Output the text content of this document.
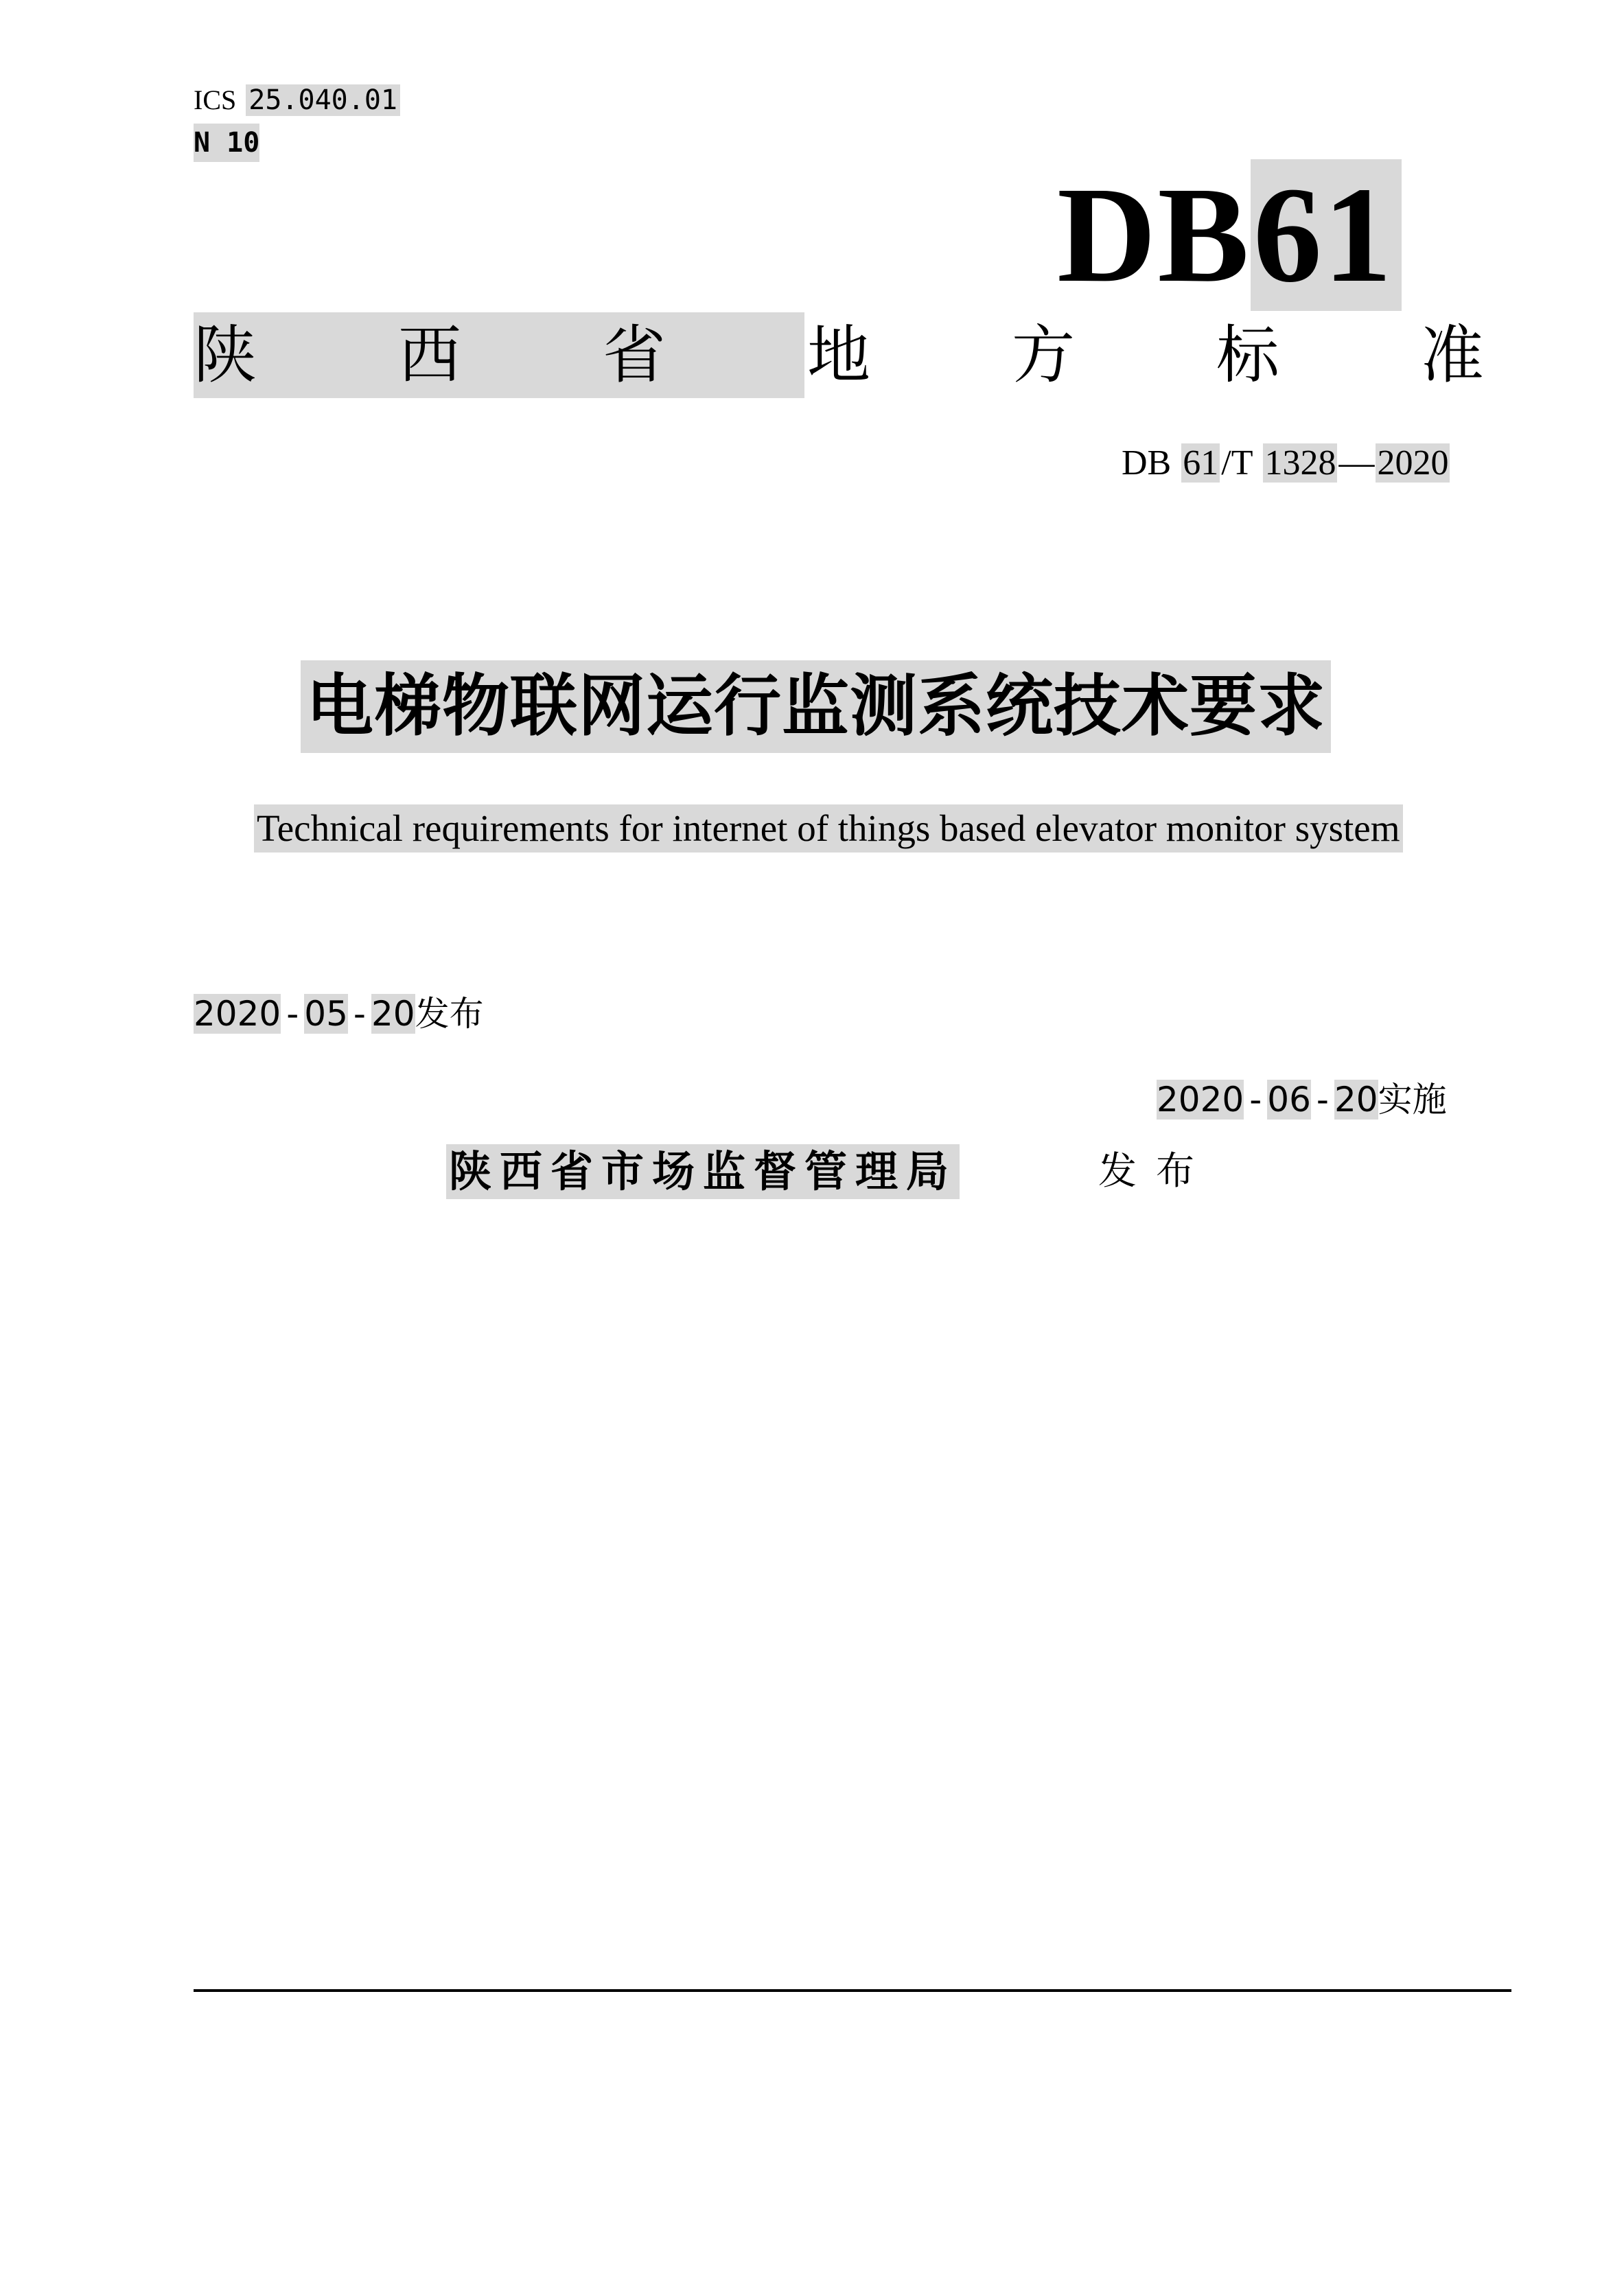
ICS 25.040.01
N 10
DB61
陕 西 省 地 方 标 准
DB 61/T 1328—2020
电梯物联网运行监测系统技术要求
Technical requirements for internet of things based elevator monitor system
2020 - 05 - 20发布
2020 - 06 - 20实施
陕西省市场监督管理局	发布
